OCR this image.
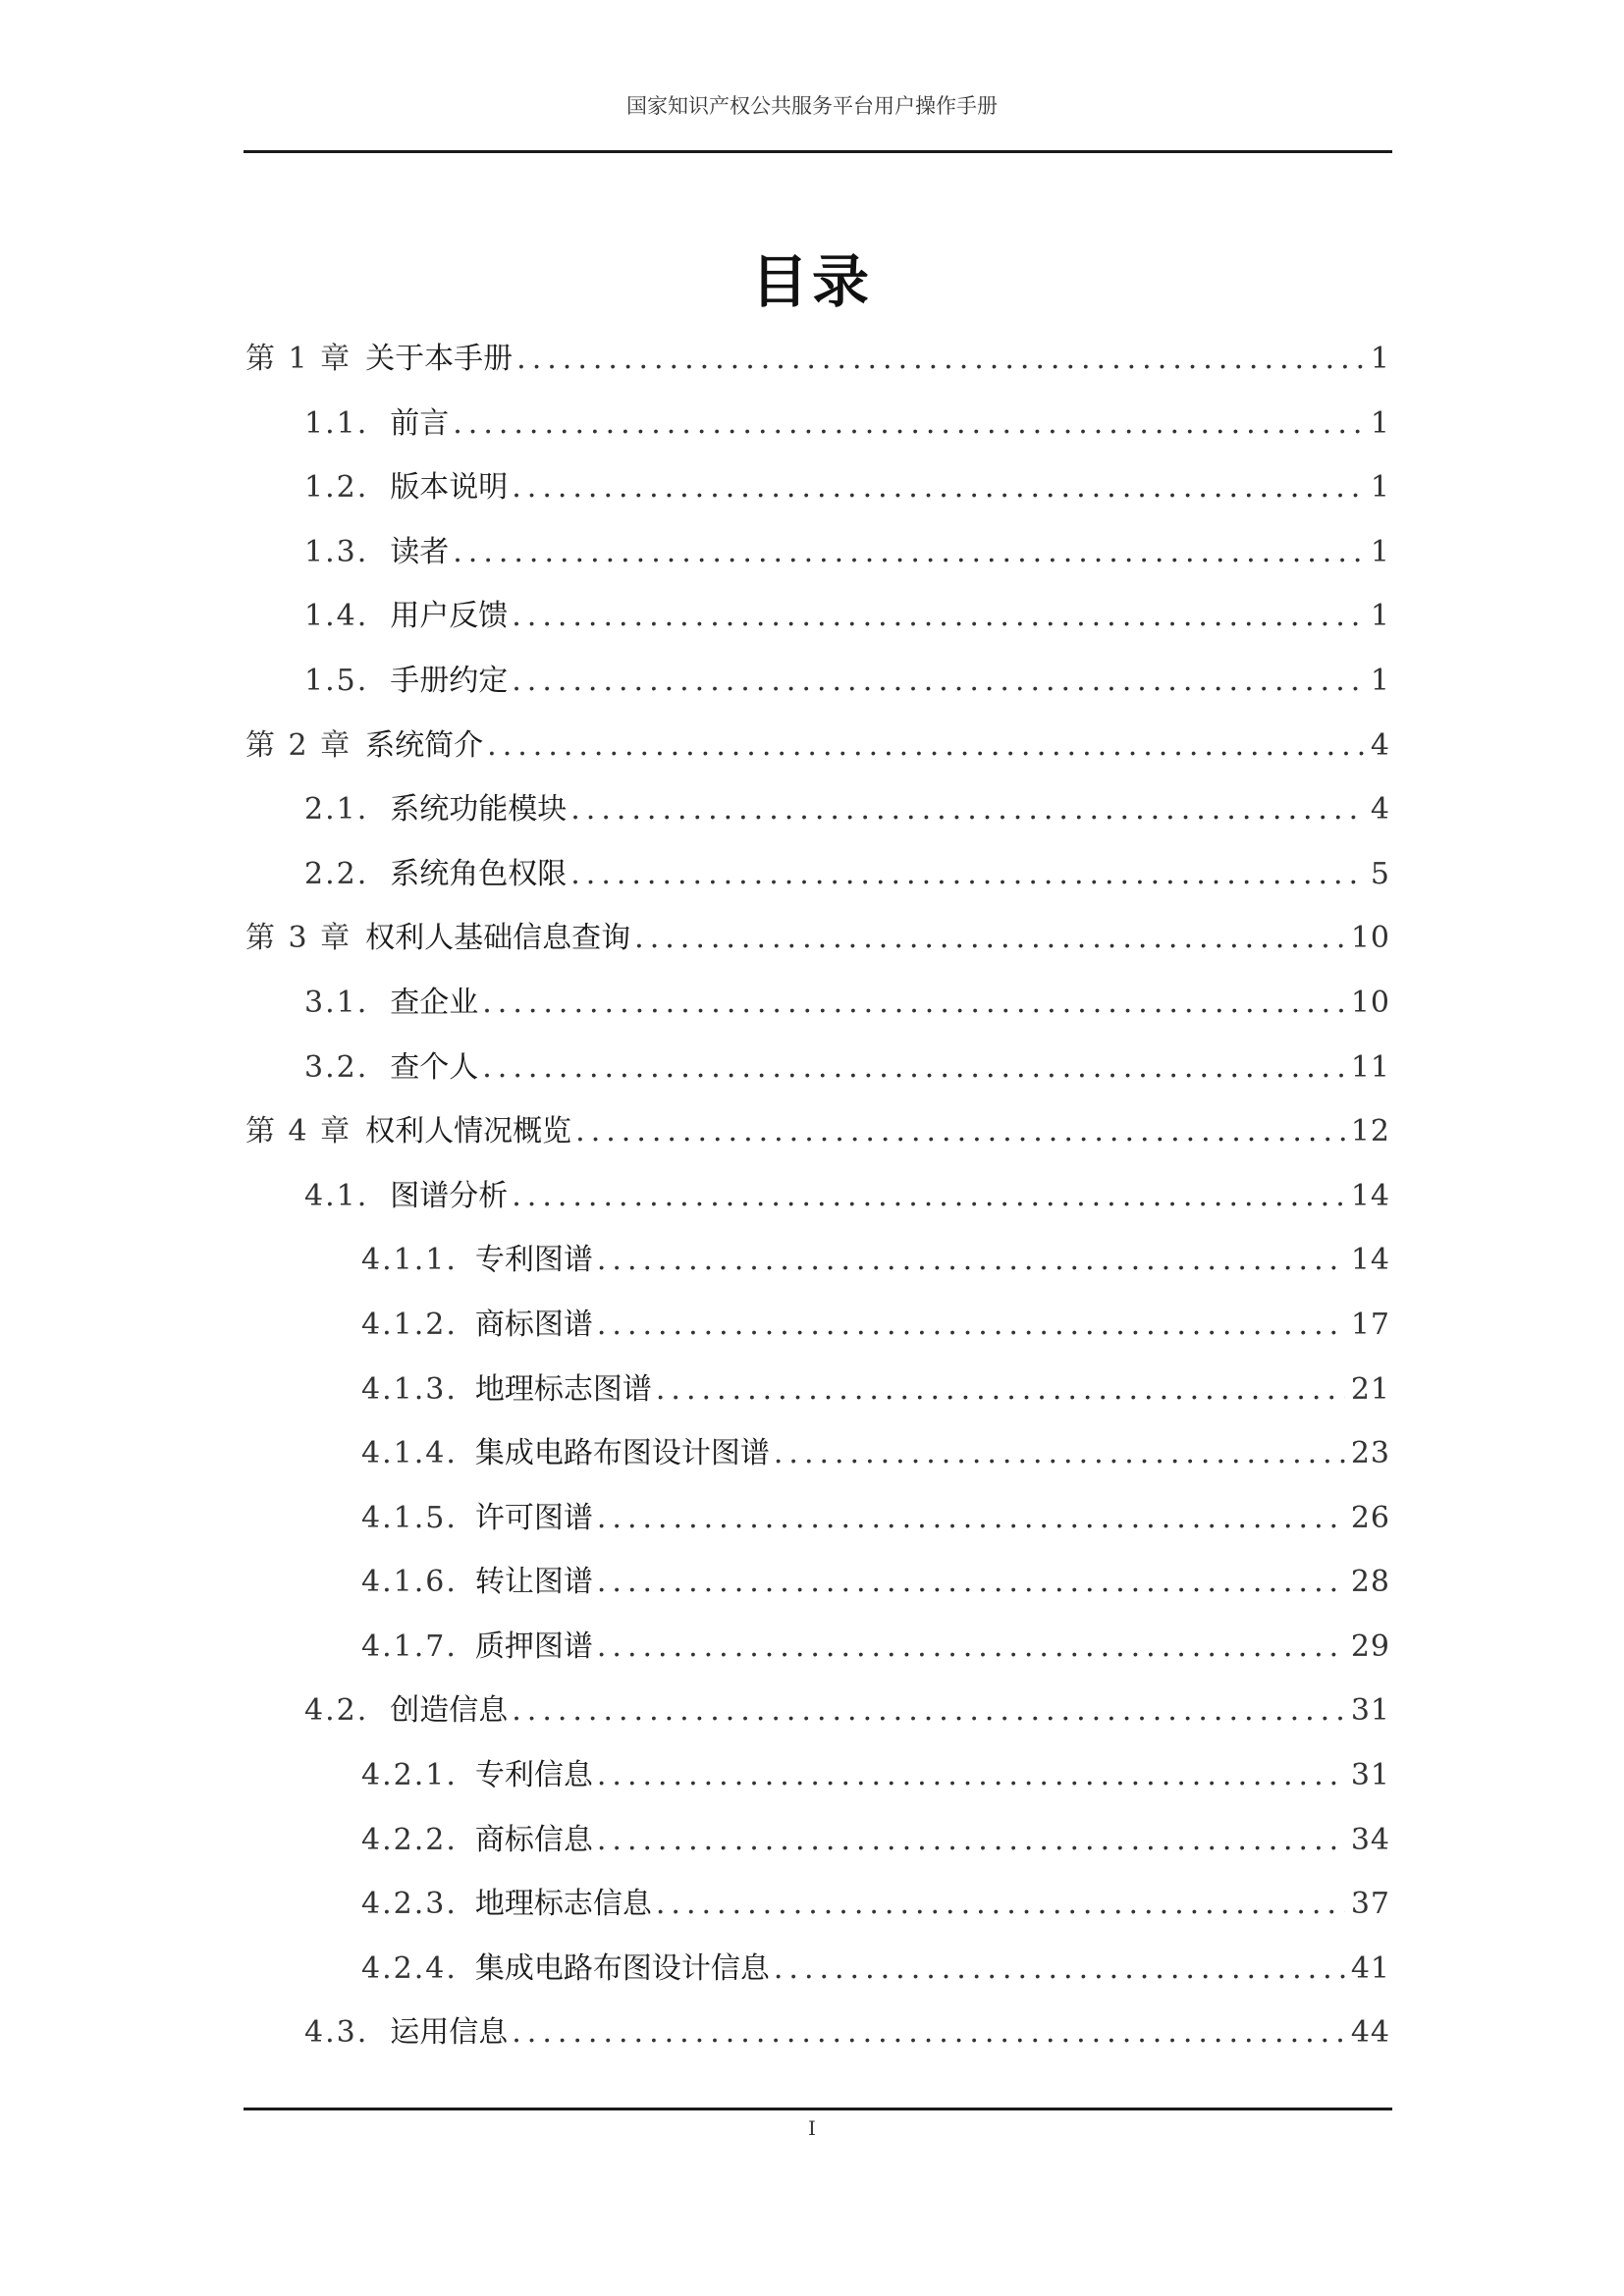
国家知识产权公共服务平台用户操作手册
目录
第 1 章 关于本手册 .....	1
1.1. 前言 .....	1
1.2. 版本说明 .....	1
1.3. 读者 .....	1
1.4. 用户反馈 .....	1
1.5. 手册约定 .....	1
第 2 章 系统简介 .....	4
2.1. 系统功能模块 .....	4
2.2. 系统角色权限 .....	5
第 3 章 权利人基础信息查询 .....	10
3.1. 查企业 .....	10
3.2. 查个人 .....	11
第 4 章 权利人情况概览 .....	12
4.1. 图谱分析 .....	14
4.1.1. 专利图谱 .....	14
4.1.2. 商标图谱 .....	17
4.1.3. 地理标志图谱 .....	21
4.1.4. 集成电路布图设计图谱 .....	23
4.1.5. 许可图谱 .....	26
4.1.6. 转让图谱 .....	28
4.1.7. 质押图谱 .....	29
4.2. 创造信息 .....	31
4.2.1. 专利信息 .....	31
4.2.2. 商标信息 .....	34
4.2.3. 地理标志信息 .....	37
4.2.4. 集成电路布图设计信息 .....	41
4.3. 运用信息 .....	44
I
